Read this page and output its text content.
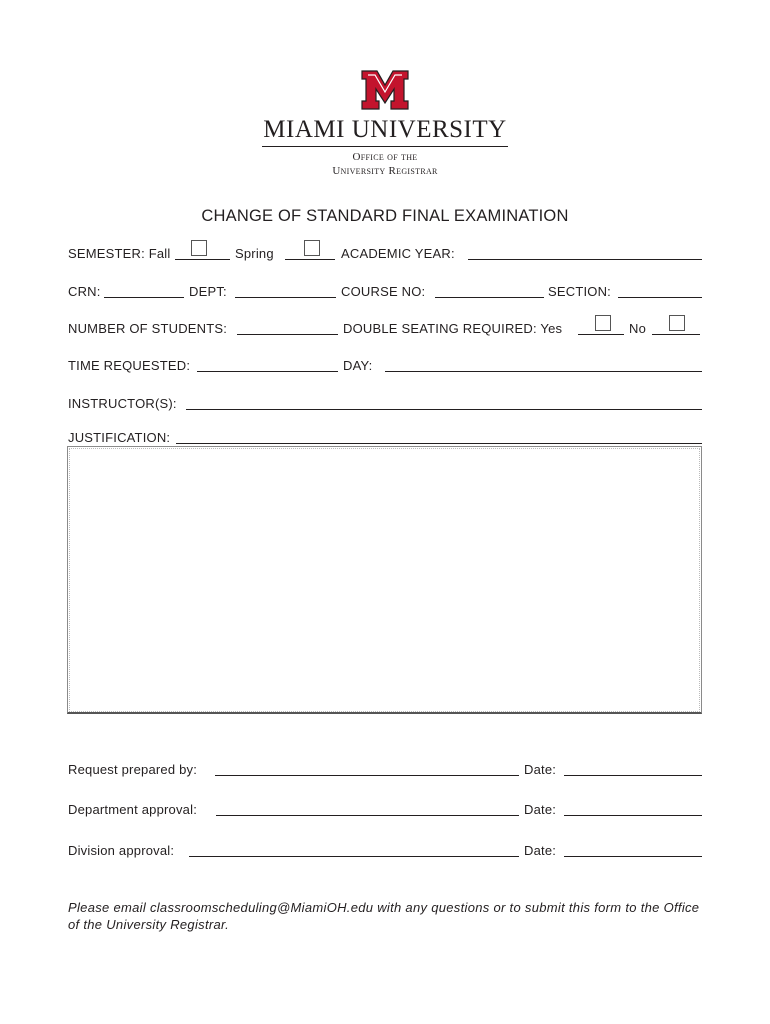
MIAMI UNIVERSITY
Office of the
University Registrar
CHANGE OF STANDARD FINAL EXAMINATION
SEMESTER: Fall	Spring	ACADEMIC YEAR:
CRN:	DEPT:	COURSE NO:	SECTION:
NUMBER OF STUDENTS:	DOUBLE SEATING REQUIRED: Yes	No
TIME REQUESTED:	DAY:
INSTRUCTOR(S):
JUSTIFICATION:
Request prepared by:	Date:
Department approval:	Date:
Division approval:	Date:
Please email classroomscheduling@MiamiOH.edu with any questions or to submit this form to the Office of the University Registrar.
